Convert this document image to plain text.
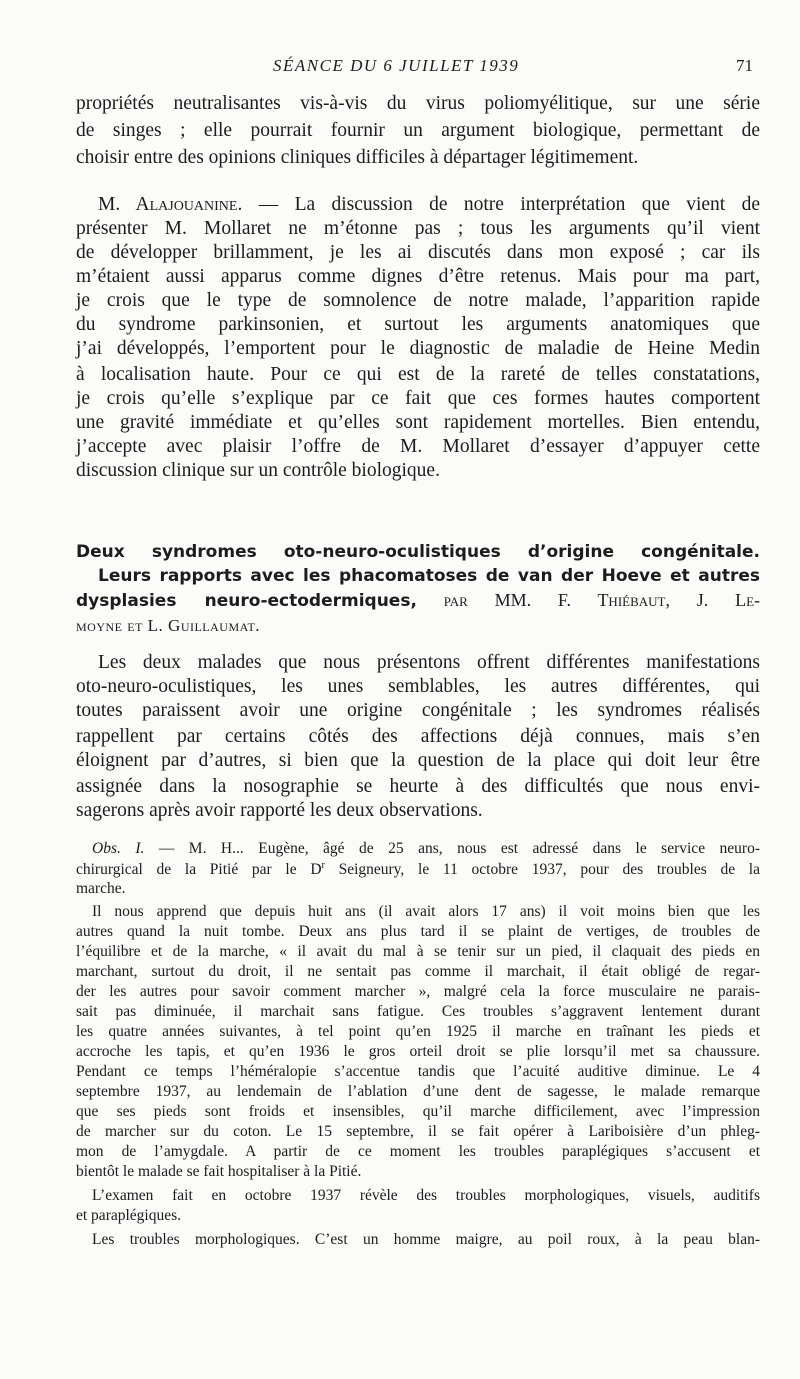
SÉANCE DU 6 JUILLET 1939	71
propriétés neutralisantes vis-à-vis du virus poliomyélitique, sur une série
de singes ; elle pourrait fournir un argument biologique, permettant de
choisir entre des opinions cliniques difficiles à départager légitimement.
M. Alajouanine. — La discussion de notre interprétation que vient de
présenter M. Mollaret ne m’étonne pas ; tous les arguments qu’il vient
de développer brillamment, je les ai discutés dans mon exposé ; car ils
m’étaient aussi apparus comme dignes d’être retenus. Mais pour ma part,
je crois que le type de somnolence de notre malade, l’apparition rapide
du syndrome parkinsonien, et surtout les arguments anatomiques que
j’ai développés, l’emportent pour le diagnostic de maladie de Heine Medin
à localisation haute. Pour ce qui est de la rareté de telles constatations,
je crois qu’elle s’explique par ce fait que ces formes hautes comportent
une gravité immédiate et qu’elles sont rapidement mortelles. Bien entendu,
j’accepte avec plaisir l’offre de M. Mollaret d’essayer d’appuyer cette
discussion clinique sur un contrôle biologique.
Deux syndromes oto-neuro-oculistiques d’origine congénitale.
Leurs rapports avec les phacomatoses de van der Hoeve et autres
dysplasies neuro-ectodermiques, par MM. F. Thiébaut, J. Le-
moyne et L. Guillaumat.
Les deux malades que nous présentons offrent différentes manifestations
oto-neuro-oculistiques, les unes semblables, les autres différentes, qui
toutes paraissent avoir une origine congénitale ; les syndromes réalisés
rappellent par certains côtés des affections déjà connues, mais s’en
éloignent par d’autres, si bien que la question de la place qui doit leur être
assignée dans la nosographie se heurte à des difficultés que nous envi-
sagerons après avoir rapporté les deux observations.
Obs. I. — M. H... Eugène, âgé de 25 ans, nous est adressé dans le service neuro-
chirurgical de la Pitié par le $D^r$ Seigneury, le 11 octobre 1937, pour des troubles de la
marche.
Il nous apprend que depuis huit ans (il avait alors 17 ans) il voit moins bien que les
autres quand la nuit tombe. Deux ans plus tard il se plaint de vertiges, de troubles de
l’équilibre et de la marche, « il avait du mal à se tenir sur un pied, il claquait des pieds en
marchant, surtout du droit, il ne sentait pas comme il marchait, il était obligé de regar-
der les autres pour savoir comment marcher », malgré cela la force musculaire ne parais-
sait pas diminuée, il marchait sans fatigue. Ces troubles s’aggravent lentement durant
les quatre années suivantes, à tel point qu’en 1925 il marche en traînant les pieds et
accroche les tapis, et qu’en 1936 le gros orteil droit se plie lorsqu’il met sa chaussure.
Pendant ce temps l’héméralopie s’accentue tandis que l’acuité auditive diminue. Le 4
septembre 1937, au lendemain de l’ablation d’une dent de sagesse, le malade remarque
que ses pieds sont froids et insensibles, qu’il marche difficilement, avec l’impression
de marcher sur du coton. Le 15 septembre, il se fait opérer à Lariboisière d’un phleg-
mon de l’amygdale. A partir de ce moment les troubles paraplégiques s’accusent et
bientôt le malade se fait hospitaliser à la Pitié.
L’examen fait en octobre 1937 révèle des troubles morphologiques, visuels, auditifs
et paraplégiques.
Les troubles morphologiques. C’est un homme maigre, au poil roux, à la peau blan-
